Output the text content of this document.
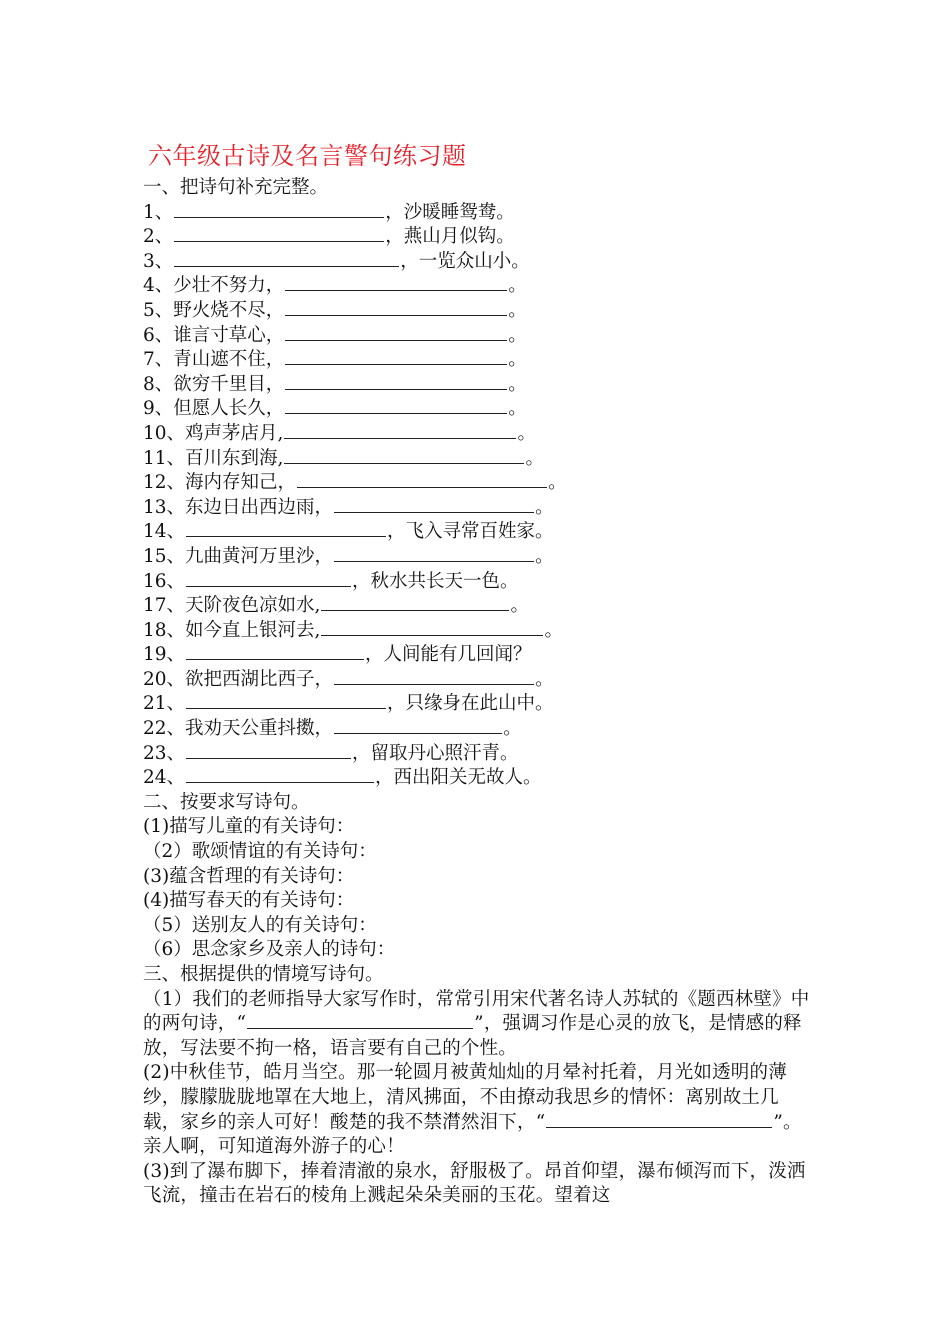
六年级古诗及名言警句练习题
一、把诗句补充完整。
1、	，沙暖睡鸳鸯。
2、	，燕山月似钩。
3、	，一览众山小。
4、少壮不努力，	。
5、野火烧不尽，	。
6、谁言寸草心，	。
7、青山遮不住，	。
8、欲穷千里目，	。
9、但愿人长久，	。
10、鸡声茅店月,	。
11、百川东到海,	。
12、海内存知己，	。
13、东边日出西边雨，	。
14、	，飞入寻常百姓家。
15、九曲黄河万里沙，	。
16、	，秋水共长天一色。
17、天阶夜色凉如水,	。
18、如今直上银河去,	。
19、	，人间能有几回闻？
20、欲把西湖比西子，	。
21、	，只缘身在此山中。
22、我劝天公重抖擞，	。
23、	，留取丹心照汗青。
24、	，西出阳关无故人。
二、按要求写诗句。
(1)描写儿童的有关诗句：
（2）歌颂情谊的有关诗句：
(3)蕴含哲理的有关诗句：
(4)描写春天的有关诗句：
（5）送别友人的有关诗句：
（6）思念家乡及亲人的诗句：
三、根据提供的情境写诗句。
（1）我们的老师指导大家写作时，常常引用宋代著名诗人苏轼的《题西林壁》中的两句诗，“	”，强调习作是心灵的放飞，是情感的释放，写法要不拘一格，语言要有自己的个性。
(2)中秋佳节，皓月当空。那一轮圆月被黄灿灿的月晕衬托着，月光如透明的薄纱，朦朦胧胧地罩在大地上，清风拂面，不由撩动我思乡的情怀：离别故土几载，家乡的亲人可好！酸楚的我不禁潸然泪下，“	”。亲人啊，可知道海外游子的心！
(3)到了瀑布脚下，捧着清澈的泉水，舒服极了。昂首仰望，瀑布倾泻而下，泼洒飞流，撞击在岩石的棱角上溅起朵朵美丽的玉花。望着这
